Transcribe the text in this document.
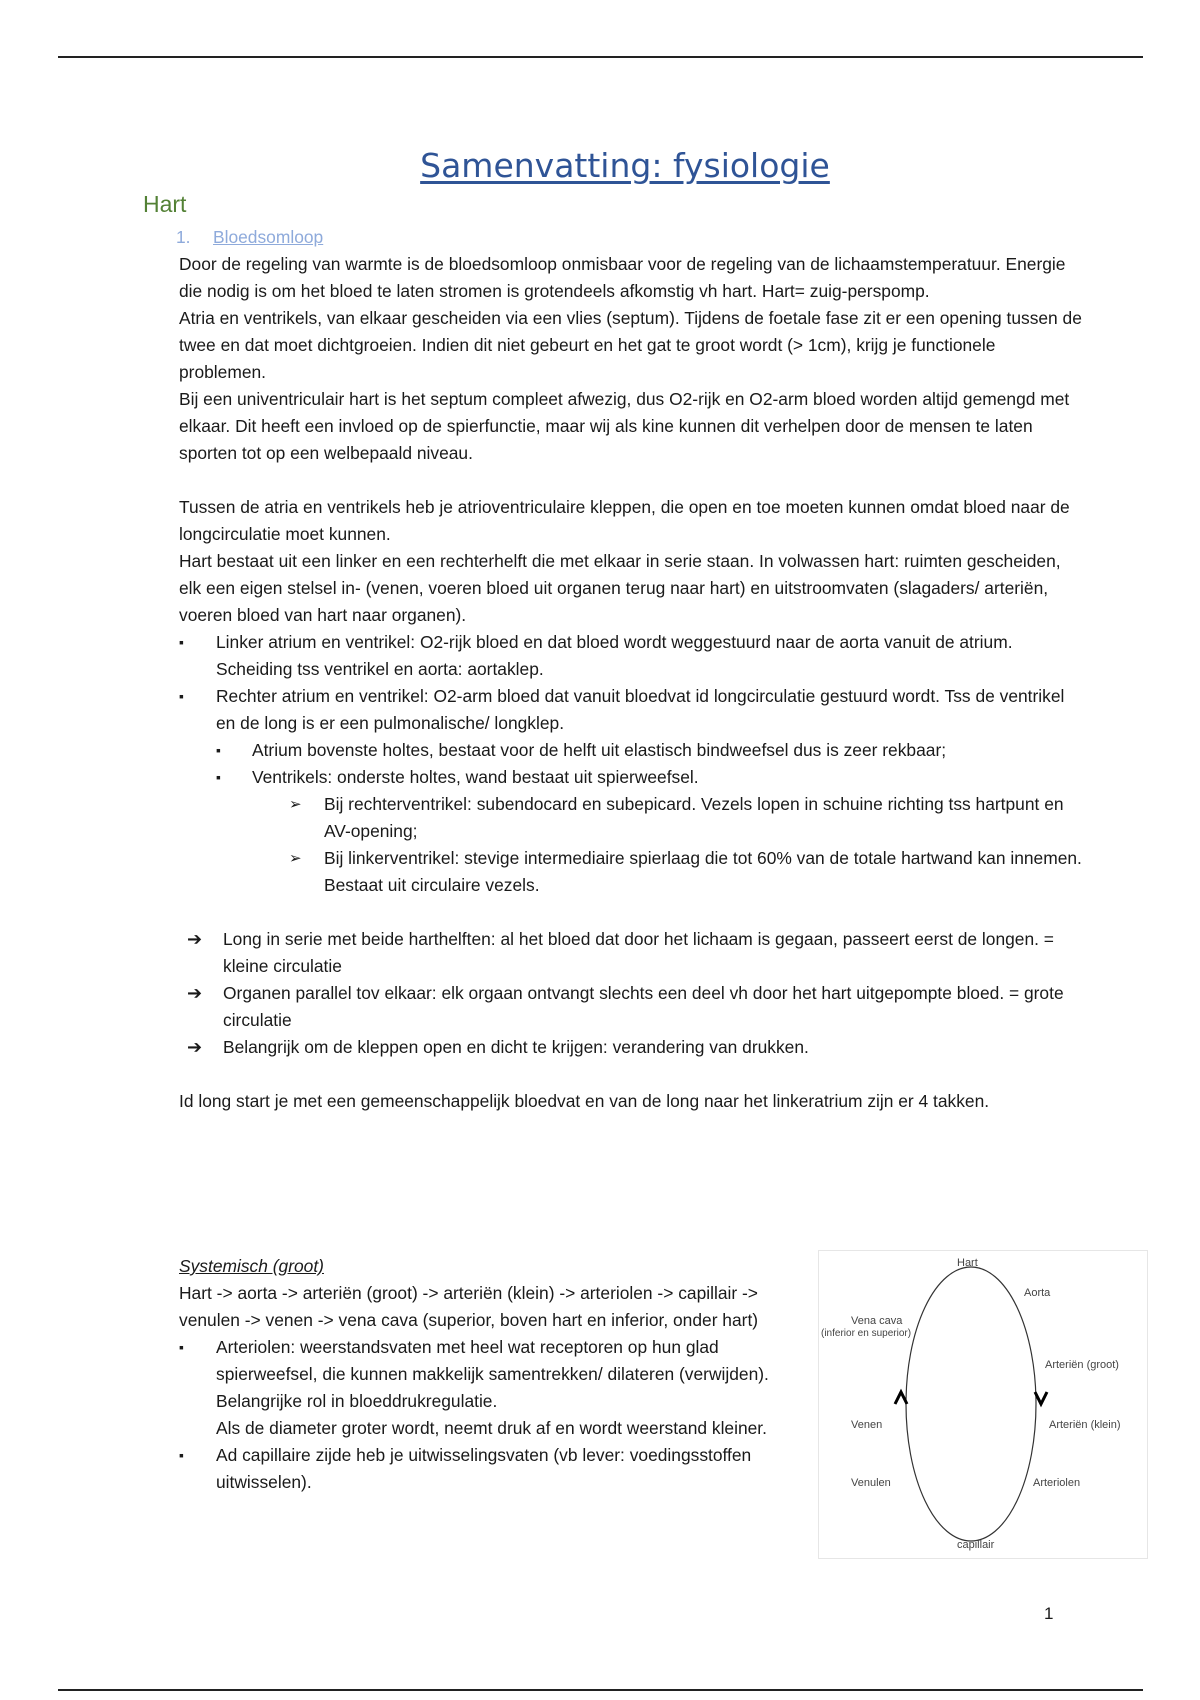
Samenvatting: fysiologie
Hart
1. Bloedsomloop

Door de regeling van warmte is de bloedsomloop onmisbaar voor de regeling van de lichaamstemperatuur. Energie die nodig is om het bloed te laten stromen is grotendeels afkomstig vh hart. Hart= zuig-perspomp.

Atria en ventrikels, van elkaar gescheiden via een vlies (septum). Tijdens de foetale fase zit er een opening tussen de twee en dat moet dichtgroeien. Indien dit niet gebeurt en het gat te groot wordt (> 1cm), krijg je functionele problemen.

Bij een univentriculair hart is het septum compleet afwezig, dus O2-rijk en O2-arm bloed worden altijd gemengd met elkaar. Dit heeft een invloed op de spierfunctie, maar wij als kine kunnen dit verhelpen door de mensen te laten sporten tot op een welbepaald niveau.

Tussen de atria en ventrikels heb je atrioventriculaire kleppen, die open en toe moeten kunnen omdat bloed naar de longcirculatie moet kunnen.

Hart bestaat uit een linker en een rechterhelft die met elkaar in serie staan. In volwassen hart: ruimten gescheiden, elk een eigen stelsel in- (venen, voeren bloed uit organen terug naar hart) en uitstroomvaten (slagaders/ arteriën, voeren bloed van hart naar organen).

▪ Linker atrium en ventrikel: O2-rijk bloed en dat bloed wordt weggestuurd naar de aorta vanuit de atrium. Scheiding tss ventrikel en aorta: aortaklep.
▪ Rechter atrium en ventrikel: O2-arm bloed dat vanuit bloedvat id longcirculatie gestuurd wordt. Tss de ventrikel en de long is er een pulmonalische/ longklep.
▪ Atrium bovenste holtes, bestaat voor de helft uit elastisch bindweefsel dus is zeer rekbaar;
▪ Ventrikels: onderste holtes, wand bestaat uit spierweefsel.
➢ Bij rechterventrikel: subendocard en subepicard. Vezels lopen in schuine richting tss hartpunt en AV-opening;
➢ Bij linkerventrikel: stevige intermediaire spierlaag die tot 60% van de totale hartwand kan innemen. Bestaat uit circulaire vezels.
➔ Long in serie met beide harthelften: al het bloed dat door het lichaam is gegaan, passeert eerst de longen. = kleine circulatie
➔ Organen parallel tov elkaar: elk orgaan ontvangt slechts een deel vh door het hart uitgepompte bloed. = grote circulatie
➔ Belangrijk om de kleppen open en dicht te krijgen: verandering van drukken.

Id long start je met een gemeenschappelijk bloedvat en van de long naar het linkeratrium zijn er 4 takken.

Systemisch (groot)

Hart -> aorta -> arteriën (groot) -> arteriën (klein) -> arteriolen -> capillair -> venulen -> venen -> vena cava (superior, boven hart en inferior, onder hart)

▪ Arteriolen: weerstandsvaten met heel wat receptoren op hun glad spierweefsel, die kunnen makkelijk samentrekken/ dilateren (verwijden). Belangrijke rol in bloeddrukregulatie.
Als de diameter groter wordt, neemt druk af en wordt weerstand kleiner.
▪ Ad capillaire zijde heb je uitwisselingsvaten (vb lever: voedingsstoffen uitwisselen).
Hart
Aorta
Vena cava
(inferior en superior)
Arteriën (groot)
Venen	Arteriën (klein)
Venulen	Arteriolen
capillair
1
